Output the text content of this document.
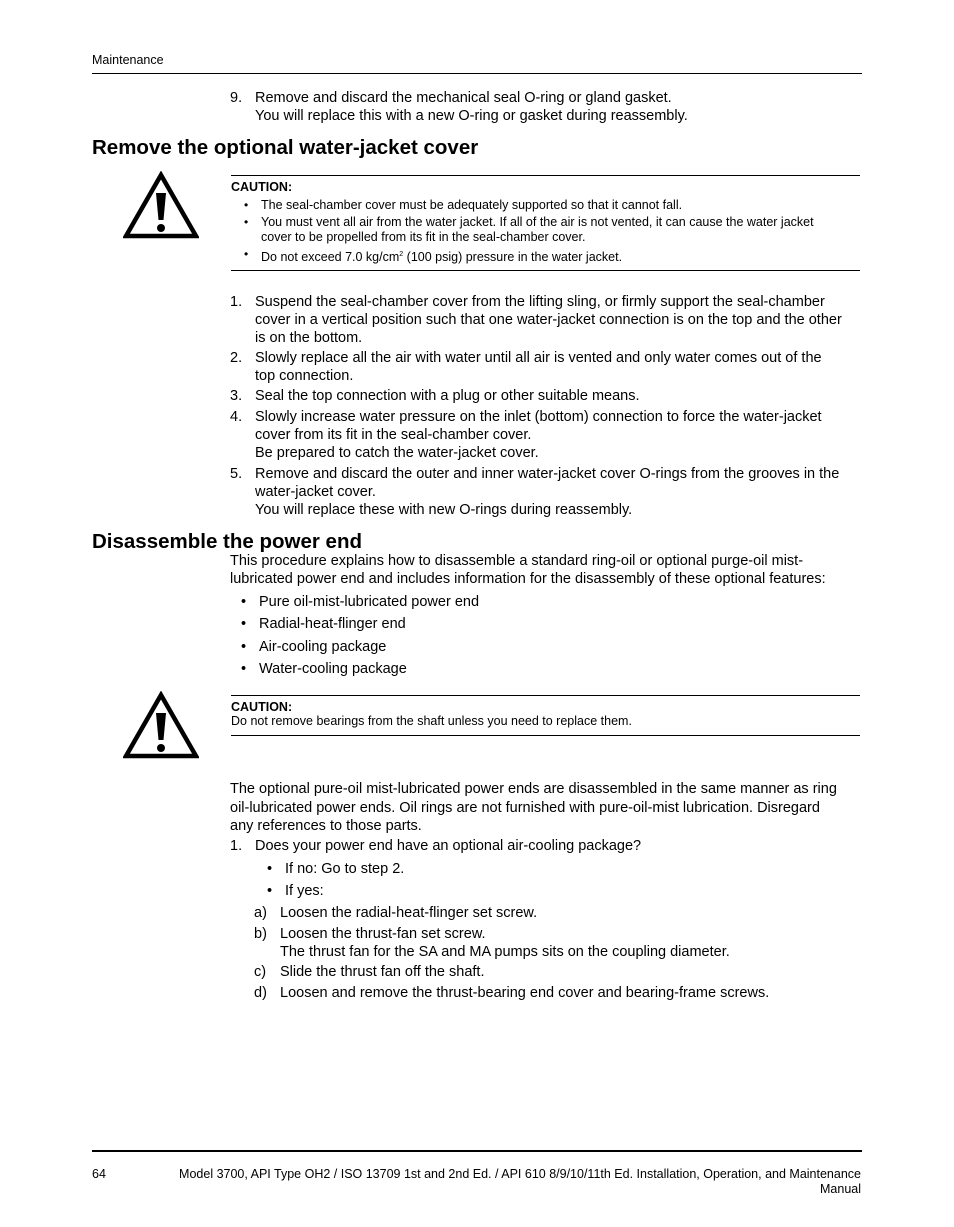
Maintenance
9. Remove and discard the mechanical seal O-ring or gland gasket.
You will replace this with a new O-ring or gasket during reassembly.
Remove the optional water-jacket cover
CAUTION:
• The seal-chamber cover must be adequately supported so that it cannot fall.
• You must vent all air from the water jacket. If all of the air is not vented, it can cause the water jacket
cover to be propelled from its fit in the seal-chamber cover.
• Do not exceed 7.0 $kg/cm^2$ (100 psig) pressure in the water jacket.
1. Suspend the seal-chamber cover from the lifting sling, or firmly support the seal-chamber
cover in a vertical position such that one water-jacket connection is on the top and the other
is on the bottom.
2. Slowly replace all the air with water until all air is vented and only water comes out of the
top connection.
3. Seal the top connection with a plug or other suitable means.
4. Slowly increase water pressure on the inlet (bottom) connection to force the water-jacket
cover from its fit in the seal-chamber cover.
Be prepared to catch the water-jacket cover.
5. Remove and discard the outer and inner water-jacket cover O-rings from the grooves in the
water-jacket cover.
You will replace these with new O-rings during reassembly.
Disassemble the power end
This procedure explains how to disassemble a standard ring-oil or optional purge-oil mist-
lubricated power end and includes information for the disassembly of these optional features:
• Pure oil-mist-lubricated power end
• Radial-heat-flinger end
• Air-cooling package
• Water-cooling package
CAUTION:
Do not remove bearings from the shaft unless you need to replace them.
The optional pure-oil mist-lubricated power ends are disassembled in the same manner as ring
oil-lubricated power ends. Oil rings are not furnished with pure-oil-mist lubrication. Disregard
any references to those parts.
1. Does your power end have an optional air-cooling package?
• If no: Go to step 2.
• If yes:
a) Loosen the radial-heat-flinger set screw.
b) Loosen the thrust-fan set screw.
The thrust fan for the SA and MA pumps sits on the coupling diameter.
c) Slide the thrust fan off the shaft.
d) Loosen and remove the thrust-bearing end cover and bearing-frame screws.
64	Model 3700, API Type OH2 / ISO 13709 1st and 2nd Ed. / API 610 8/9/10/11th Ed. Installation, Operation, and Maintenance
Manual
